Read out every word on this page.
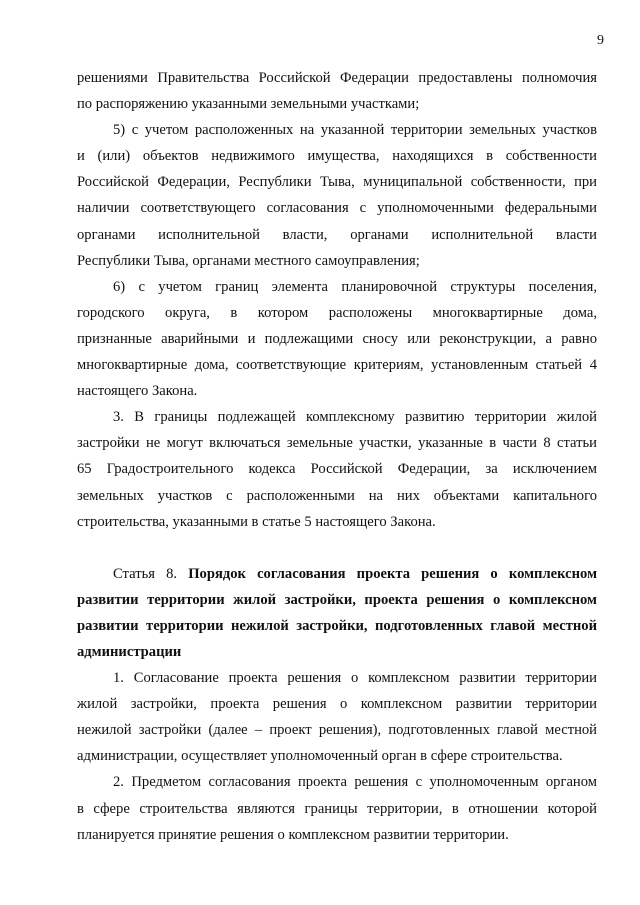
9
решениями Правительства Российской Федерации предоставлены полномочия
по распоряжению указанными земельными участками;
5) с учетом расположенных на указанной территории земельных участков
и (или) объектов недвижимого имущества, находящихся в собственности
Российской Федерации, Республики Тыва, муниципальной собственности, при
наличии соответствующего согласования с уполномоченными федеральными
органами исполнительной власти, органами исполнительной власти
Республики Тыва, органами местного самоуправления;
6) с учетом границ элемента планировочной структуры поселения,
городского округа, в котором расположены многоквартирные дома,
признанные аварийными и подлежащими сносу или реконструкции, а равно
многоквартирные дома, соответствующие критериям, установленным статьей 4
настоящего Закона.
3. В границы подлежащей комплексному развитию территории жилой
застройки не могут включаться земельные участки, указанные в части 8 статьи
65 Градостроительного кодекса Российской Федерации, за исключением
земельных участков с расположенными на них объектами капитального
строительства, указанными в статье 5 настоящего Закона.
Статья 8. Порядок согласования проекта решения о комплексном
развитии территории жилой застройки, проекта решения о комплексном
развитии территории нежилой застройки, подготовленных главой местной
администрации
1. Согласование проекта решения о комплексном развитии территории
жилой застройки, проекта решения о комплексном развитии территории
нежилой застройки (далее – проект решения), подготовленных главой местной
администрации, осуществляет уполномоченный орган в сфере строительства.
2. Предметом согласования проекта решения с уполномоченным органом
в сфере строительства являются границы территории, в отношении которой
планируется принятие решения о комплексном развитии территории.
